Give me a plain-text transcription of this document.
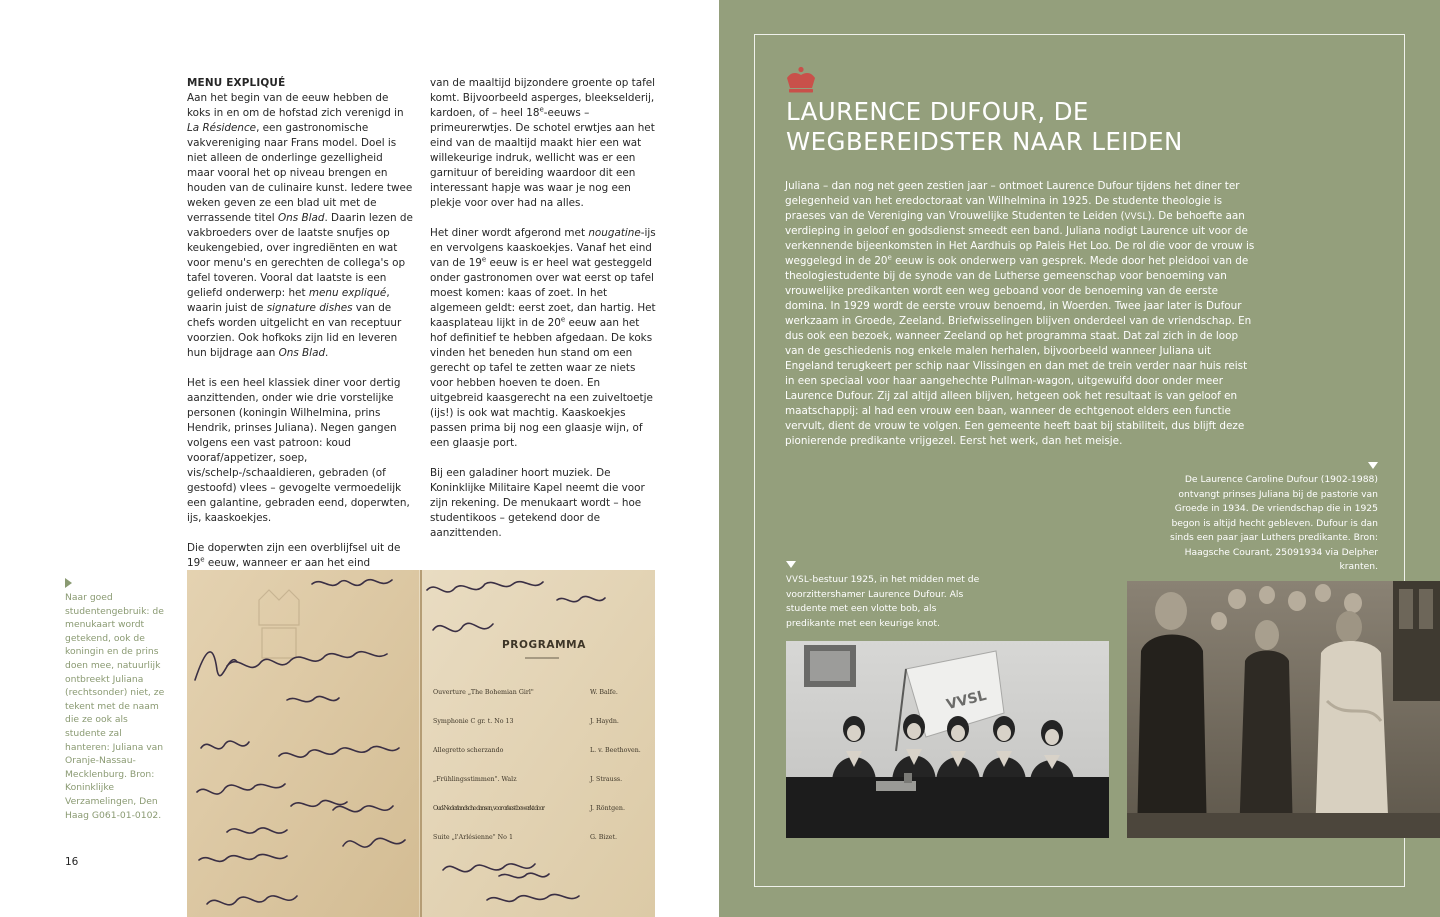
MENU EXPLIQUÉ

Aan het begin van de eeuw hebben de koks in en om de hofstad zich verenigd in La Résidence, een gastronomische vakvereniging naar Frans model. Doel is niet alleen de onderlinge gezelligheid maar vooral het op niveau brengen en houden van de culinaire kunst. Iedere twee weken geven ze een blad uit met de verrassende titel Ons Blad. Daarin lezen de vakbroeders over de laatste snufjes op keukengebied, over ingrediënten en wat voor menu's en gerechten de collega's op tafel toveren. Vooral dat laatste is een geliefd onderwerp: het menu expliqué, waarin juist de signature dishes van de chefs worden uitgelicht en van receptuur voorzien. Ook hofkoks zijn lid en leveren hun bijdrage aan Ons Blad.

Het is een heel klassiek diner voor dertig aanzittenden, onder wie drie vorstelijke personen (koningin Wilhelmina, prins Hendrik, prinses Juliana). Negen gangen volgens een vast patroon: koud vooraf/appetizer, soep, vis/schelp-/schaaldieren, gebraden (of gestoofd) vlees – gevogelte vermoedelijk een galantine, gebraden eend, doperwten, ijs, kaaskoekjes.

Die doperwten zijn een overblijfsel uit de 19e eeuw, wanneer er aan het eind

van de maaltijd bijzondere groente op tafel komt. Bijvoorbeeld asperges, bleekselderij, kardoen, of – heel 18e-eeuws – primeurerwtjes. De schotel erwtjes aan het eind van de maaltijd maakt hier een wat willekeurige indruk, wellicht was er een garnituur of bereiding waardoor dit een interessant hapje was waar je nog een plekje voor over had na alles.

Het diner wordt afgerond met nougatine-ijs en vervolgens kaaskoekjes. Vanaf het eind van de 19e eeuw is er heel wat gesteggeld onder gastronomen over wat eerst op tafel moest komen: kaas of zoet. In het algemeen geldt: eerst zoet, dan hartig. Het kaasplateau lijkt in de 20e eeuw aan het hof definitief te hebben afgedaan. De koks vinden het beneden hun stand om een gerecht op tafel te zetten waar ze niets voor hebben hoeven te doen. En uitgebreid kaasgerecht na een zuiveltoetje (ijs!) is ook wat machtig. Kaaskoekjes passen prima bij nog een glaasje wijn, of een glaasje port.

Bij een galadiner hoort muziek. De Koninklijke Militaire Kapel neemt die voor zijn rekening. De menukaart wordt – hoe studentikoos – getekend door de aanzittenden.

Naar goed studentengebruik: de menukaart wordt getekend, ook de koningin en de prins doen mee, natuurlijk ontbreekt Juliana (rechtsonder) niet, ze tekent met de naam die ze ook als studente zal hanteren: Juliana van Oranje-Nassau-Mecklenburg. Bron: Koninklijke Verzamelingen, Den Haag G061-01-0102.
16
PROGRAMMA
Ouverture „The Bohemian Girl"	W. Balfe.
Symphonie C gr. t. No 13	J. Haydn.
Allegretto scherzando	L. v. Beethoven.
„Frühlingsstimmen". Walz	J. Strauss.
Oud-Nederlandsche dansen, voor orkest bewerkt door	J. Röntgen.
Suite „l'Arlésienne" No 1	G. Bizet.
LAURENCE DUFOUR, DE
WEGBEREIDSTER NAAR LEIDEN

Juliana – dan nog net geen zestien jaar – ontmoet Laurence Dufour tijdens het diner ter gelegenheid van het eredoctoraat van Wilhelmina in 1925. De studente theologie is praeses van de Vereniging van Vrouwelijke Studenten te Leiden (VVSL). De behoefte aan verdieping in geloof en godsdienst smeedt een band. Juliana nodigt Laurence uit voor de verkennende bijeenkomsten in Het Aardhuis op Paleis Het Loo. De rol die voor de vrouw is weggelegd in de 20e eeuw is ook onderwerp van gesprek. Mede door het pleidooi van de theologiestudente bij de synode van de Lutherse gemeenschap voor benoeming van vrouwelijke predikanten wordt een weg geboand voor de benoeming van de eerste domina. In 1929 wordt de eerste vrouw benoemd, in Woerden. Twee jaar later is Dufour werkzaam in Groede, Zeeland. Briefwisselingen blijven onderdeel van de vriendschap. En dus ook een bezoek, wanneer Zeeland op het programma staat. Dat zal zich in de loop van de geschiedenis nog enkele malen herhalen, bijvoorbeeld wanneer Juliana uit Engeland terugkeert per schip naar Vlissingen en dan met de trein verder naar huis reist in een speciaal voor haar aangehechte Pullman-wagon, uitgewuifd door onder meer Laurence Dufour. Zij zal altijd alleen blijven, hetgeen ook het resultaat is van geloof en maatschappij: al had een vrouw een baan, wanneer de echtgenoot elders een functie vervult, dient de vrouw te volgen. Een gemeente heeft baat bij stabiliteit, dus blijft deze pionierende predikante vrijgezel. Eerst het werk, dan het meisje.

De Laurence Caroline Dufour (1902-1988) ontvangt prinses Juliana bij de pastorie van Groede in 1934. De vriendschap die in 1925 begon is altijd hecht gebleven. Dufour is dan sinds een paar jaar Luthers predikante. Bron: Haagsche Courant, 25091934 via Delpher kranten.
VVSL-bestuur 1925, in het midden met de voorzittershamer Laurence Dufour. Als studente met een vlotte bob, als predikante met een keurige knot.
VVSL
